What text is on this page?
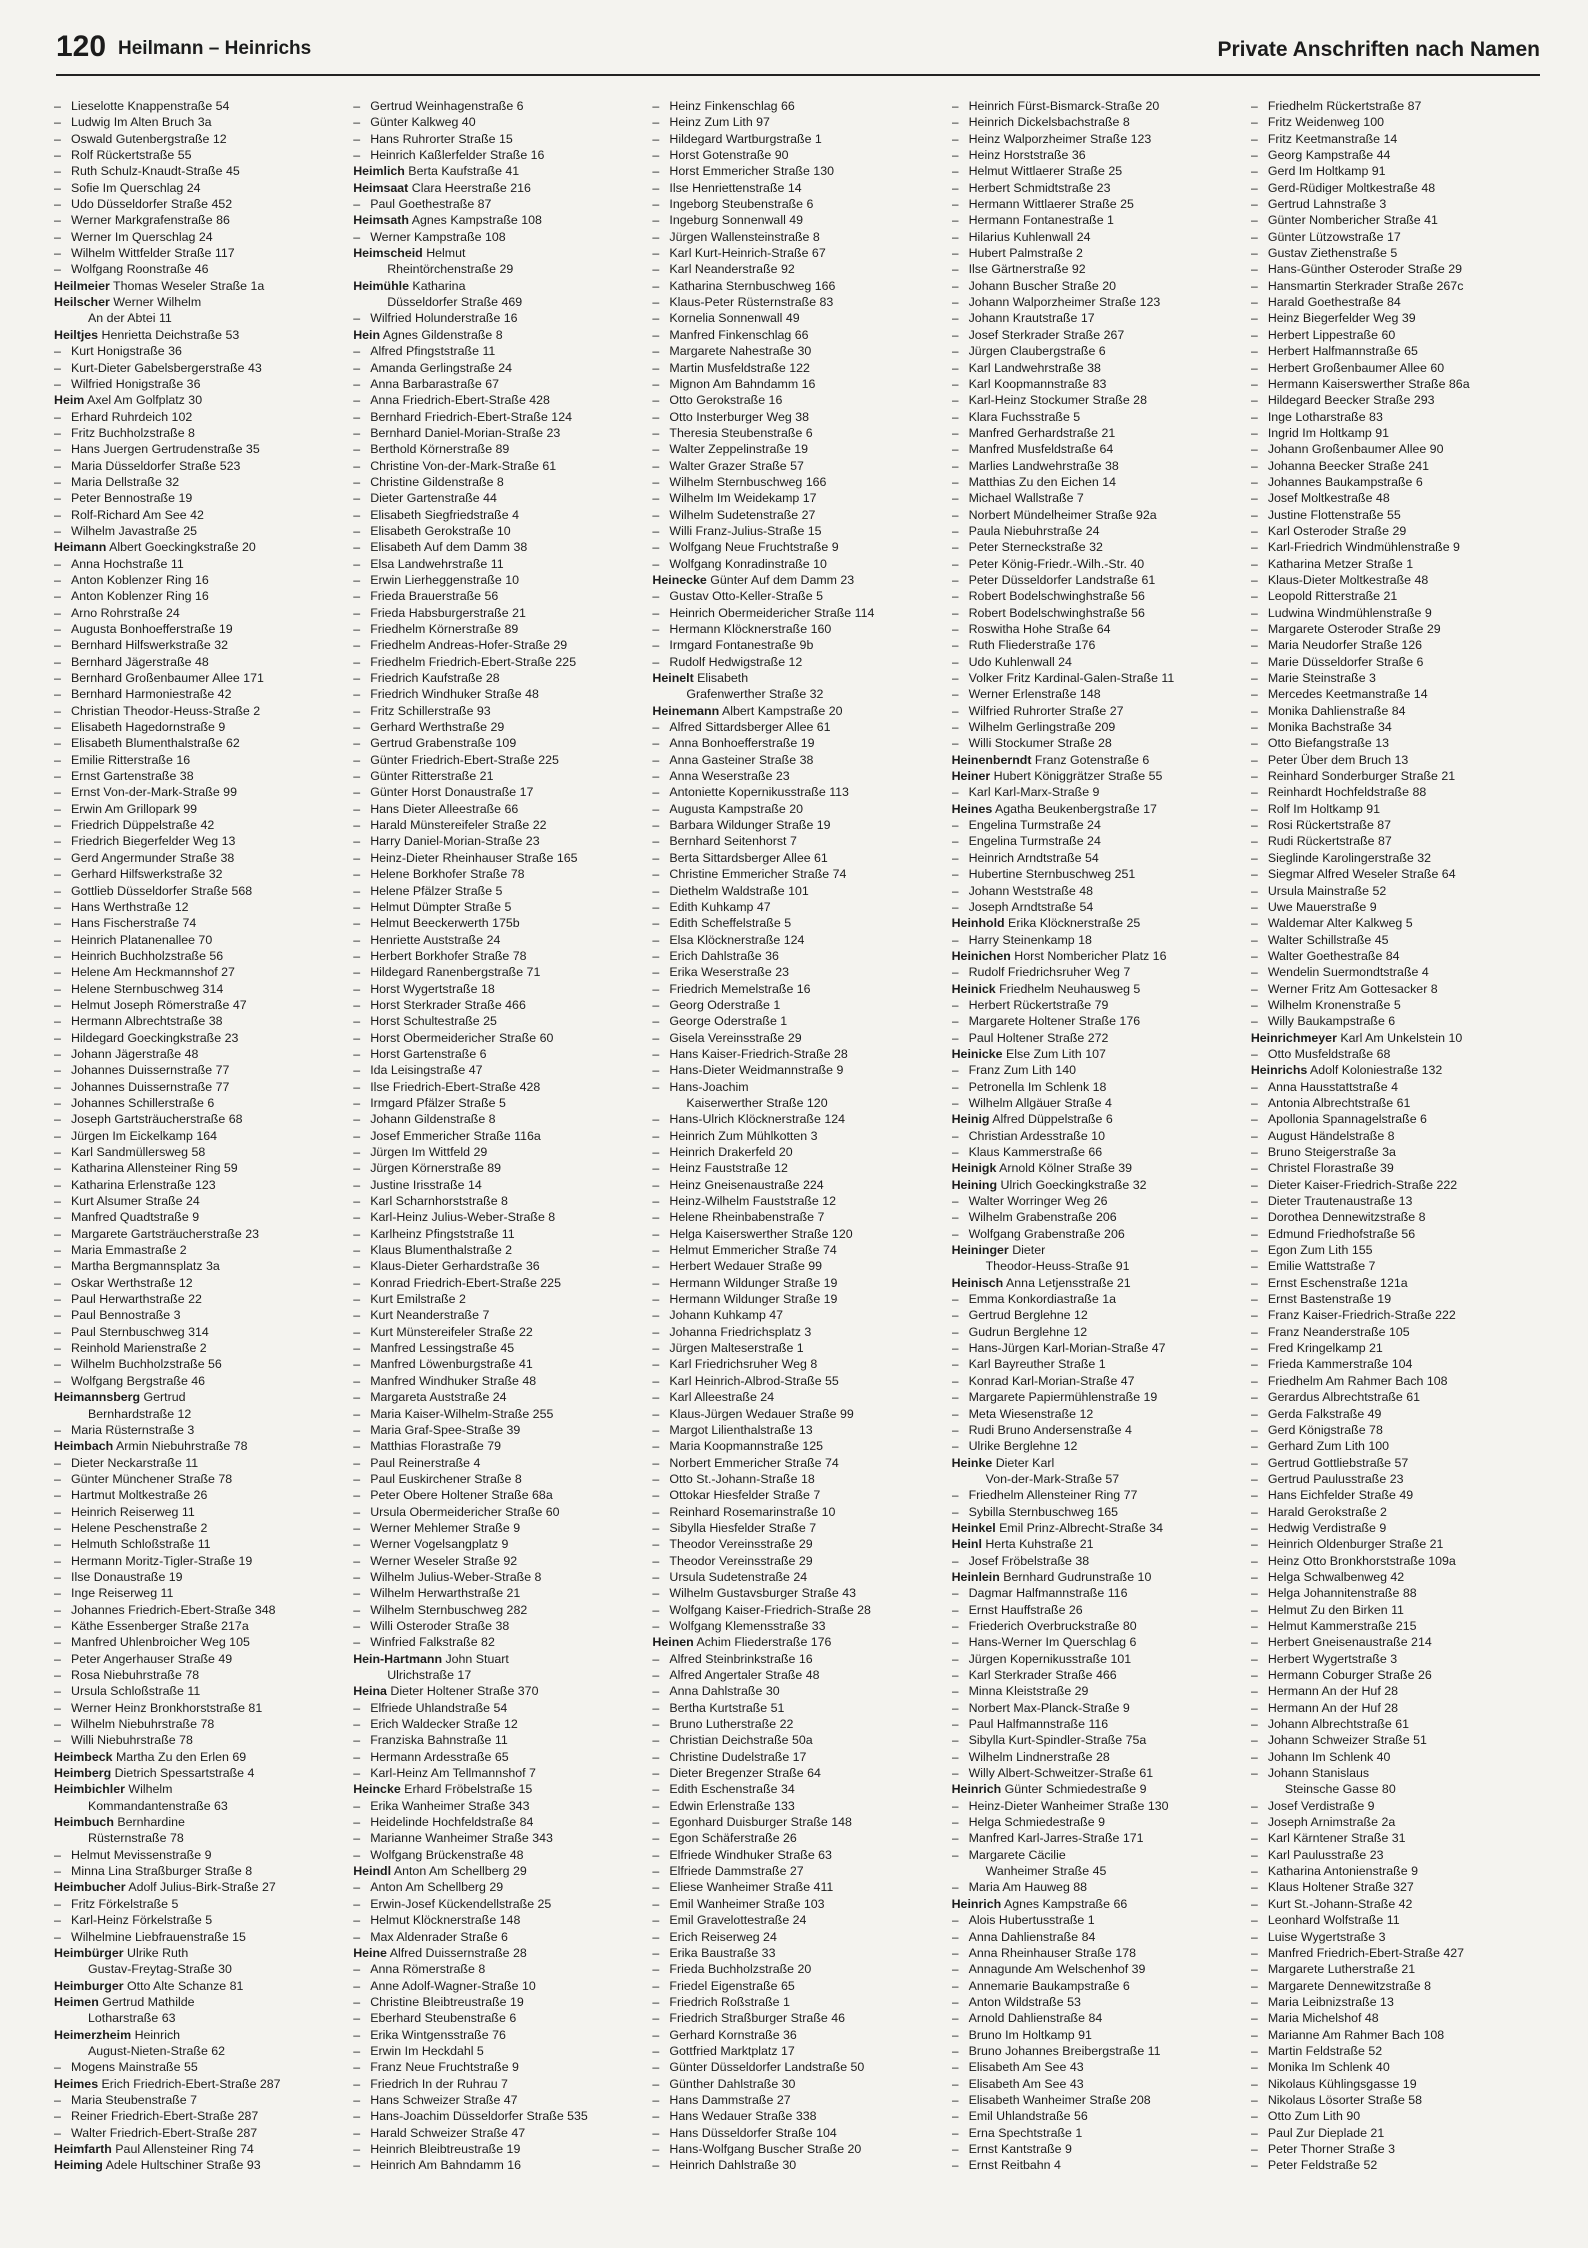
120 Heilmann – Heinrichs	Private Anschriften nach Namen
– Lieselotte Knappenstraße 54
– Ludwig Im Alten Bruch 3a
– Oswald Gutenbergstraße 12
– Rolf Rückertstraße 55
– Ruth Schulz-Knaudt-Straße 45
– Sofie Im Querschlag 24
– Udo Düsseldorfer Straße 452
– Werner Markgrafenstraße 86
– Werner Im Querschlag 24
– Wilhelm Wittfelder Straße 117
– Wolfgang Roonstraße 46
Heilmeier Thomas Weseler Straße 1a
Heilscher Werner Wilhelm
An der Abtei 11
Heiltjes Henrietta Deichstraße 53
– Kurt Honigstraße 36
– Kurt-Dieter Gabelsbergerstraße 43
– Wilfried Honigstraße 36
Heim Axel Am Golfplatz 30
– Erhard Ruhrdeich 102
– Fritz Buchholzstraße 8
– Hans Juergen Gertrudenstraße 35
– Maria Düsseldorfer Straße 523
– Maria Dellstraße 32
– Peter Bennostraße 19
– Rolf-Richard Am See 42
– Wilhelm Javastraße 25
Heimann Albert Goeckingkstraße 20
– Anna Hochstraße 11
– Anton Koblenzer Ring 16
– Anton Koblenzer Ring 16
– Arno Rohrstraße 24
– Augusta Bonhoefferstraße 19
– Bernhard Hilfswerkstraße 32
– Bernhard Jägerstraße 48
– Bernhard Großenbaumer Allee 171
– Bernhard Harmoniestraße 42
– Christian Theodor-Heuss-Straße 2
– Elisabeth Hagedornstraße 9
– Elisabeth Blumenthalstraße 62
– Emilie Ritterstraße 16
– Ernst Gartenstraße 38
– Ernst Von-der-Mark-Straße 99
– Erwin Am Grillopark 99
– Friedrich Düppelstraße 42
– Friedrich Biegerfelder Weg 13
– Gerd Angermunder Straße 38
– Gerhard Hilfswerkstraße 32
– Gottlieb Düsseldorfer Straße 568
– Hans Werthstraße 12
– Hans Fischerstraße 74
– Heinrich Platanenallee 70
– Heinrich Buchholzstraße 56
– Helene Am Heckmannshof 27
– Helene Sternbuschweg 314
– Helmut Joseph Römerstraße 47
– Hermann Albrechtstraße 38
– Hildegard Goeckingkstraße 23
– Johann Jägerstraße 48
– Johannes Duissernstraße 77
– Johannes Duissernstraße 77
– Johannes Schillerstraße 6
– Joseph Gartsträucherstraße 68
– Jürgen Im Eickelkamp 164
– Karl Sandmüllersweg 58
– Katharina Allensteiner Ring 59
– Katharina Erlenstraße 123
– Kurt Alsumer Straße 24
– Manfred Quadtstraße 9
– Margarete Gartsträucherstraße 23
– Maria Emmastraße 2
– Martha Bergmannsplatz 3a
– Oskar Werthstraße 12
– Paul Herwarthstraße 22
– Paul Bennostraße 3
– Paul Sternbuschweg 314
– Reinhold Marienstraße 2
– Wilhelm Buchholzstraße 56
– Wolfgang Bergstraße 46
Heimannsberg Gertrud
Bernhardstraße 12
– Maria Rüsternstraße 3
Heimbach Armin Niebuhrstraße 78
– Dieter Neckarstraße 11
– Günter Münchener Straße 78
– Hartmut Moltkestraße 26
– Heinrich Reiserweg 11
– Helene Peschenstraße 2
– Helmuth Schloßstraße 11
– Hermann Moritz-Tigler-Straße 19
– Ilse Donaustraße 19
– Inge Reiserweg 11
– Johannes Friedrich-Ebert-Straße 348
– Käthe Essenberger Straße 217a
– Manfred Uhlenbroicher Weg 105
– Peter Angerhauser Straße 49
– Rosa Niebuhrstraße 78
– Ursula Schloßstraße 11
– Werner Heinz Bronkhorststraße 81
– Wilhelm Niebuhrstraße 78
– Willi Niebuhrstraße 78
Heimbeck Martha Zu den Erlen 69
Heimberg Dietrich Spessartstraße 4
Heimbichler Wilhelm
Kommandantenstraße 63
Heimbuch Bernhardine
Rüsternstraße 78
– Helmut Mevissenstraße 9
– Minna Lina Straßburger Straße 8
Heimbucher Adolf Julius-Birk-Straße 27
– Fritz Förkelstraße 5
– Karl-Heinz Förkelstraße 5
– Wilhelmine Liebfrauenstraße 15
Heimbürger Ulrike Ruth
Gustav-Freytag-Straße 30
Heimburger Otto Alte Schanze 81
Heimen Gertrud Mathilde
Lotharstraße 63
Heimerzheim Heinrich
August-Nieten-Straße 62
– Mogens Mainstraße 55
Heimes Erich Friedrich-Ebert-Straße 287
– Maria Steubenstraße 7
– Reiner Friedrich-Ebert-Straße 287
– Walter Friedrich-Ebert-Straße 287
Heimfarth Paul Allensteiner Ring 74
Heiming Adele Hultschiner Straße 93
– Gertrud Weinhagenstraße 6
– Günter Kalkweg 40
– Hans Ruhrorter Straße 15
– Heinrich Kaßlerfelder Straße 16
Heimlich Berta Kaufstraße 41
Heimsaat Clara Heerstraße 216
– Paul Goethestraße 87
Heimsath Agnes Kampstraße 108
– Werner Kampstraße 108
Heimscheid Helmut
Rheintörchenstraße 29
Heimühle Katharina
Düsseldorfer Straße 469
– Wilfried Holunderstraße 16
Hein Agnes Gildenstraße 8
– Alfred Pfingststraße 11
– Amanda Gerlingstraße 24
– Anna Barbarastraße 67
– Anna Friedrich-Ebert-Straße 428
– Bernhard Friedrich-Ebert-Straße 124
– Bernhard Daniel-Morian-Straße 23
– Berthold Körnerstraße 89
– Christine Von-der-Mark-Straße 61
– Christine Gildenstraße 8
– Dieter Gartenstraße 44
– Elisabeth Siegfriedstraße 4
– Elisabeth Gerokstraße 10
– Elisabeth Auf dem Damm 38
– Elsa Landwehrstraße 11
– Erwin Lierheggenstraße 10
– Frieda Brauerstraße 56
– Frieda Habsburgerstraße 21
– Friedhelm Körnerstraße 89
– Friedhelm Andreas-Hofer-Straße 29
– Friedhelm Friedrich-Ebert-Straße 225
– Friedrich Kaufstraße 28
– Friedrich Windhuker Straße 48
– Fritz Schillerstraße 93
– Gerhard Werthstraße 29
– Gertrud Grabenstraße 109
– Günter Friedrich-Ebert-Straße 225
– Günter Ritterstraße 21
– Günter Horst Donaustraße 17
– Hans Dieter Alleestraße 66
– Harald Münstereifeler Straße 22
– Harry Daniel-Morian-Straße 23
– Heinz-Dieter Rheinhauser Straße 165
– Helene Borkhofer Straße 78
– Helene Pfälzer Straße 5
– Helmut Dümpter Straße 5
– Helmut Beeckerwerth 175b
– Henriette Auststraße 24
– Herbert Borkhofer Straße 78
– Hildegard Ranenbergstraße 71
– Horst Wygertstraße 18
– Horst Sterkrader Straße 466
– Horst Schultestraße 25
– Horst Obermeidericher Straße 60
– Horst Gartenstraße 6
– Ida Leisingstraße 47
– Ilse Friedrich-Ebert-Straße 428
– Irmgard Pfälzer Straße 5
– Johann Gildenstraße 8
– Josef Emmericher Straße 116a
– Jürgen Im Wittfeld 29
– Jürgen Körnerstraße 89
– Justine Irisstraße 14
– Karl Scharnhorststraße 8
– Karl-Heinz Julius-Weber-Straße 8
– Karlheinz Pfingststraße 11
– Klaus Blumenthalstraße 2
– Klaus-Dieter Gerhardstraße 36
– Konrad Friedrich-Ebert-Straße 225
– Kurt Emilstraße 2
– Kurt Neanderstraße 7
– Kurt Münstereifeler Straße 22
– Manfred Lessingstraße 45
– Manfred Löwenburgstraße 41
– Manfred Windhuker Straße 48
– Margareta Auststraße 24
– Maria Kaiser-Wilhelm-Straße 255
– Maria Graf-Spee-Straße 39
– Matthias Florastraße 79
– Paul Reinerstraße 4
– Paul Euskirchener Straße 8
– Peter Obere Holtener Straße 68a
– Ursula Obermeidericher Straße 60
– Werner Mehlemer Straße 9
– Werner Vogelsangplatz 9
– Werner Weseler Straße 92
– Wilhelm Julius-Weber-Straße 8
– Wilhelm Herwarthstraße 21
– Wilhelm Sternbuschweg 282
– Willi Osteroder Straße 38
– Winfried Falkstraße 82
Hein-Hartmann John Stuart
Ulrichstraße 17
Heina Dieter Holtener Straße 370
– Elfriede Uhlandstraße 54
– Erich Waldecker Straße 12
– Franziska Bahnstraße 11
– Hermann Ardesstraße 65
– Karl-Heinz Am Tellmannshof 7
Heincke Erhard Fröbelstraße 15
– Erika Wanheimer Straße 343
– Heidelinde Hochfeldstraße 84
– Marianne Wanheimer Straße 343
– Wolfgang Brückenstraße 48
Heindl Anton Am Schellberg 29
– Anton Am Schellberg 29
– Erwin-Josef Kückendellstraße 25
– Helmut Klöcknerstraße 148
– Max Aldenrader Straße 6
Heine Alfred Duissernstraße 28
– Anna Römerstraße 8
– Anne Adolf-Wagner-Straße 10
– Christine Bleibtreustraße 19
– Eberhard Steubenstraße 6
– Erika Wintgensstraße 76
– Erwin Im Heckdahl 5
– Franz Neue Fruchtstraße 9
– Friedrich In der Ruhrau 7
– Hans Schweizer Straße 47
– Hans-Joachim Düsseldorfer Straße 535
– Harald Schweizer Straße 47
– Heinrich Bleibtreustraße 19
– Heinrich Am Bahndamm 16
– Heinz Finkenschlag 66
– Heinz Zum Lith 97
– Hildegard Wartburgstraße 1
– Horst Gotenstraße 90
– Horst Emmericher Straße 130
– Ilse Henriettenstraße 14
– Ingeborg Steubenstraße 6
– Ingeburg Sonnenwall 49
– Jürgen Wallensteinstraße 8
– Karl Kurt-Heinrich-Straße 67
– Karl Neanderstraße 92
– Katharina Sternbuschweg 166
– Klaus-Peter Rüsternstraße 83
– Kornelia Sonnenwall 49
– Manfred Finkenschlag 66
– Margarete Nahestraße 30
– Martin Musfeldstraße 122
– Mignon Am Bahndamm 16
– Otto Gerokstraße 16
– Otto Insterburger Weg 38
– Theresia Steubenstraße 6
– Walter Zeppelinstraße 19
– Walter Grazer Straße 57
– Wilhelm Sternbuschweg 166
– Wilhelm Im Weidekamp 17
– Wilhelm Sudetenstraße 27
– Willi Franz-Julius-Straße 15
– Wolfgang Neue Fruchtstraße 9
– Wolfgang Konradinstraße 10
Heinecke Günter Auf dem Damm 23
– Gustav Otto-Keller-Straße 5
– Heinrich Obermeidericher Straße 114
– Hermann Klöcknerstraße 160
– Irmgard Fontanestraße 9b
– Rudolf Hedwigstraße 12
Heinelt Elisabeth
Grafenwerther Straße 32
Heinemann Albert Kampstraße 20
– Alfred Sittardsberger Allee 61
– Anna Bonhoefferstraße 19
– Anna Gasteiner Straße 38
– Anna Weserstraße 23
– Antoniette Kopernikusstraße 113
– Augusta Kampstraße 20
– Barbara Wildunger Straße 19
– Bernhard Seitenhorst 7
– Berta Sittardsberger Allee 61
– Christine Emmericher Straße 74
– Diethelm Waldstraße 101
– Edith Kuhkamp 47
– Edith Scheffelstraße 5
– Elsa Klöcknerstraße 124
– Erich Dahlstraße 36
– Erika Weserstraße 23
– Friedrich Memelstraße 16
– Georg Oderstraße 1
– George Oderstraße 1
– Gisela Vereinsstraße 29
– Hans Kaiser-Friedrich-Straße 28
– Hans-Dieter Weidmannstraße 9
– Hans-Joachim
Kaiserwerther Straße 120
– Hans-Ulrich Klöcknerstraße 124
– Heinrich Zum Mühlkotten 3
– Heinrich Drakerfeld 20
– Heinz Fauststraße 12
– Heinz Gneisenaustraße 224
– Heinz-Wilhelm Fauststraße 12
– Helene Rheinbabenstraße 7
– Helga Kaiserswerther Straße 120
– Helmut Emmericher Straße 74
– Herbert Wedauer Straße 99
– Hermann Wildunger Straße 19
– Hermann Wildunger Straße 19
– Johann Kuhkamp 47
– Johanna Friedrichsplatz 3
– Jürgen Malteserstraße 1
– Karl Friedrichsruher Weg 8
– Karl Heinrich-Albrod-Straße 55
– Karl Alleestraße 24
– Klaus-Jürgen Wedauer Straße 99
– Margot Lilienthalstraße 13
– Maria Koopmannstraße 125
– Norbert Emmericher Straße 74
– Otto St.-Johann-Straße 18
– Ottokar Hiesfelder Straße 7
– Reinhard Rosemarinstraße 10
– Sibylla Hiesfelder Straße 7
– Theodor Vereinsstraße 29
– Theodor Vereinsstraße 29
– Ursula Sudetenstraße 24
– Wilhelm Gustavsburger Straße 43
– Wolfgang Kaiser-Friedrich-Straße 28
– Wolfgang Klemensstraße 33
Heinen Achim Fliederstraße 176
– Alfred Steinbrinkstraße 16
– Alfred Angertaler Straße 48
– Anna Dahlstraße 30
– Bertha Kurtstraße 51
– Bruno Lutherstraße 22
– Christian Deichstraße 50a
– Christine Dudelstraße 17
– Dieter Bregenzer Straße 64
– Edith Eschenstraße 34
– Edwin Erlenstraße 133
– Egonhard Duisburger Straße 148
– Egon Schäferstraße 26
– Elfriede Windhuker Straße 63
– Elfriede Dammstraße 27
– Eliese Wanheimer Straße 411
– Emil Wanheimer Straße 103
– Emil Gravelottestraße 24
– Erich Reiserweg 24
– Erika Baustraße 33
– Frieda Buchholzstraße 20
– Friedel Eigenstraße 65
– Friedrich Roßstraße 1
– Friedrich Straßburger Straße 46
– Gerhard Kornstraße 36
– Gottfried Marktplatz 17
– Günter Düsseldorfer Landstraße 50
– Günther Dahlstraße 30
– Hans Dammstraße 27
– Hans Wedauer Straße 338
– Hans Düsseldorfer Straße 104
– Hans-Wolfgang Buscher Straße 20
– Heinrich Dahlstraße 30
– Heinrich Fürst-Bismarck-Straße 20
– Heinrich Dickelsbachstraße 8
– Heinz Walporzheimer Straße 123
– Heinz Horststraße 36
– Helmut Wittlaerer Straße 25
– Herbert Schmidtstraße 23
– Hermann Wittlaerer Straße 25
– Hermann Fontanestraße 1
– Hilarius Kuhlenwall 24
– Hubert Palmstraße 2
– Ilse Gärtnerstraße 92
– Johann Buscher Straße 20
– Johann Walporzheimer Straße 123
– Johann Krautstraße 17
– Josef Sterkrader Straße 267
– Jürgen Claubergstraße 6
– Karl Landwehrstraße 38
– Karl Koopmannstraße 83
– Karl-Heinz Stockumer Straße 28
– Klara Fuchsstraße 5
– Manfred Gerhardstraße 21
– Manfred Musfeldstraße 64
– Marlies Landwehrstraße 38
– Matthias Zu den Eichen 14
– Michael Wallstraße 7
– Norbert Mündelheimer Straße 92a
– Paula Niebuhrstraße 24
– Peter Sterneckstraße 32
– Peter König-Friedr.-Wilh.-Str. 40
– Peter Düsseldorfer Landstraße 61
– Robert Bodelschwinghstraße 56
– Robert Bodelschwinghstraße 56
– Roswitha Hohe Straße 64
– Ruth Fliederstraße 176
– Udo Kuhlenwall 24
– Volker Fritz Kardinal-Galen-Straße 11
– Werner Erlenstraße 148
– Wilfried Ruhrorter Straße 27
– Wilhelm Gerlingstraße 209
– Willi Stockumer Straße 28
Heinenberndt Franz Gotenstraße 6
Heiner Hubert Königgrätzer Straße 55
– Karl Karl-Marx-Straße 9
Heines Agatha Beukenbergstraße 17
– Engelina Turmstraße 24
– Engelina Turmstraße 24
– Heinrich Arndtstraße 54
– Hubertine Sternbuschweg 251
– Johann Weststraße 48
– Joseph Arndtstraße 54
Heinhold Erika Klöcknerstraße 25
– Harry Steinenkamp 18
Heinichen Horst Nombericher Platz 16
– Rudolf Friedrichsruher Weg 7
Heinick Friedhelm Neuhausweg 5
– Herbert Rückertstraße 79
– Margarete Holtener Straße 176
– Paul Holtener Straße 272
Heinicke Else Zum Lith 107
– Franz Zum Lith 140
– Petronella Im Schlenk 18
– Wilhelm Allgäuer Straße 4
Heinig Alfred Düppelstraße 6
– Christian Ardesstraße 10
– Klaus Kammerstraße 66
Heinigk Arnold Kölner Straße 39
Heining Ulrich Goeckingkstraße 32
– Walter Worringer Weg 26
– Wilhelm Grabenstraße 206
– Wolfgang Grabenstraße 206
Heininger Dieter
Theodor-Heuss-Straße 91
Heinisch Anna Letjensstraße 21
– Emma Konkordiastraße 1a
– Gertrud Berglehne 12
– Gudrun Berglehne 12
– Hans-Jürgen Karl-Morian-Straße 47
– Karl Bayreuther Straße 1
– Konrad Karl-Morian-Straße 47
– Margarete Papiermühlenstraße 19
– Meta Wiesenstraße 12
– Rudi Bruno Andersenstraße 4
– Ulrike Berglehne 12
Heinke Dieter Karl
Von-der-Mark-Straße 57
– Friedhelm Allensteiner Ring 77
– Sybilla Sternbuschweg 165
Heinkel Emil Prinz-Albrecht-Straße 34
Heinl Herta Kuhstraße 21
– Josef Fröbelstraße 38
Heinlein Bernhard Gudrunstraße 10
– Dagmar Halfmannstraße 116
– Ernst Hauffstraße 26
– Friederich Overbruckstraße 80
– Hans-Werner Im Querschlag 6
– Jürgen Kopernikusstraße 101
– Karl Sterkrader Straße 466
– Minna Kleiststraße 29
– Norbert Max-Planck-Straße 9
– Paul Halfmannstraße 116
– Sibylla Kurt-Spindler-Straße 75a
– Wilhelm Lindnerstraße 28
– Willy Albert-Schweitzer-Straße 61
Heinrich Günter Schmiedestraße 9
– Heinz-Dieter Wanheimer Straße 130
– Helga Schmiedestraße 9
– Manfred Karl-Jarres-Straße 171
– Margarete Cäcilie
Wanheimer Straße 45
– Maria Am Hauweg 88
Heinrich Agnes Kampstraße 66
– Alois Hubertusstraße 1
– Anna Dahlienstraße 84
– Anna Rheinhauser Straße 178
– Annagunde Am Welschenhof 39
– Annemarie Baukampstraße 6
– Anton Wildstraße 53
– Arnold Dahlienstraße 84
– Bruno Im Holtkamp 91
– Bruno Johannes Breibergstraße 11
– Elisabeth Am See 43
– Elisabeth Am See 43
– Elisabeth Wanheimer Straße 208
– Emil Uhlandstraße 56
– Erna Spechtstraße 1
– Ernst Kantstraße 9
– Ernst Reitbahn 4
– Friedhelm Rückertstraße 87
– Fritz Weidenweg 100
– Fritz Keetmanstraße 14
– Georg Kampstraße 44
– Gerd Im Holtkamp 91
– Gerd-Rüdiger Moltkestraße 48
– Gertrud Lahnstraße 3
– Günter Nombericher Straße 41
– Günter Lützowstraße 17
– Gustav Ziethenstraße 5
– Hans-Günther Osteroder Straße 29
– Hansmartin Sterkrader Straße 267c
– Harald Goethestraße 84
– Heinz Biegerfelder Weg 39
– Herbert Lippestraße 60
– Herbert Halfmannstraße 65
– Herbert Großenbaumer Allee 60
– Hermann Kaiserswerther Straße 86a
– Hildegard Beecker Straße 293
– Inge Lotharstraße 83
– Ingrid Im Holtkamp 91
– Johann Großenbaumer Allee 90
– Johanna Beecker Straße 241
– Johannes Baukampstraße 6
– Josef Moltkestraße 48
– Justine Flottenstraße 55
– Karl Osteroder Straße 29
– Karl-Friedrich Windmühlenstraße 9
– Katharina Metzer Straße 1
– Klaus-Dieter Moltkestraße 48
– Leopold Ritterstraße 21
– Ludwina Windmühlenstraße 9
– Margarete Osteroder Straße 29
– Maria Neudorfer Straße 126
– Marie Düsseldorfer Straße 6
– Marie Steinstraße 3
– Mercedes Keetmanstraße 14
– Monika Dahlienstraße 84
– Monika Bachstraße 34
– Otto Biefangstraße 13
– Peter Über dem Bruch 13
– Reinhard Sonderburger Straße 21
– Reinhardt Hochfeldstraße 88
– Rolf Im Holtkamp 91
– Rosi Rückertstraße 87
– Rudi Rückertstraße 87
– Sieglinde Karolingerstraße 32
– Siegmar Alfred Weseler Straße 64
– Ursula Mainstraße 52
– Uwe Mauerstraße 9
– Waldemar Alter Kalkweg 5
– Walter Schillstraße 45
– Walter Goethestraße 84
– Wendelin Suermondtstraße 4
– Werner Fritz Am Gottesacker 8
– Wilhelm Kronenstraße 5
– Willy Baukampstraße 6
Heinrichmeyer Karl Am Unkelstein 10
– Otto Musfeldstraße 68
Heinrichs Adolf Koloniestraße 132
– Anna Hausstattstraße 4
– Antonia Albrechtstraße 61
– Apollonia Spannagelstraße 6
– August Händelstraße 8
– Bruno Steigerstraße 3a
– Christel Florastraße 39
– Dieter Kaiser-Friedrich-Straße 222
– Dieter Trautenaustraße 13
– Dorothea Dennewitzstraße 8
– Edmund Friedhofstraße 56
– Egon Zum Lith 155
– Emilie Wattstraße 7
– Ernst Eschenstraße 121a
– Ernst Bastenstraße 19
– Franz Kaiser-Friedrich-Straße 222
– Franz Neanderstraße 105
– Fred Kringelkamp 21
– Frieda Kammerstraße 104
– Friedhelm Am Rahmer Bach 108
– Gerardus Albrechtstraße 61
– Gerda Falkstraße 49
– Gerd Königstraße 78
– Gerhard Zum Lith 100
– Gertrud Gottliebstraße 57
– Gertrud Paulusstraße 23
– Hans Eichfelder Straße 49
– Harald Gerokstraße 2
– Hedwig Verdistraße 9
– Heinrich Oldenburger Straße 21
– Heinz Otto Bronkhorststraße 109a
– Helga Schwalbenweg 42
– Helga Johannitenstraße 88
– Helmut Zu den Birken 11
– Helmut Kammerstraße 215
– Herbert Gneisenaustraße 214
– Herbert Wygertstraße 3
– Hermann Coburger Straße 26
– Hermann An der Huf 28
– Hermann An der Huf 28
– Johann Albrechtstraße 61
– Johann Schweizer Straße 51
– Johann Im Schlenk 40
– Johann Stanislaus
Steinsche Gasse 80
– Josef Verdistraße 9
– Joseph Arnimstraße 2a
– Karl Kärntener Straße 31
– Karl Paulusstraße 23
– Katharina Antonienstraße 9
– Klaus Holtener Straße 327
– Kurt St.-Johann-Straße 42
– Leonhard Wolfstraße 11
– Luise Wygertstraße 3
– Manfred Friedrich-Ebert-Straße 427
– Margarete Lutherstraße 21
– Margarete Dennewitzstraße 8
– Maria Leibnizstraße 13
– Maria Michelshof 48
– Marianne Am Rahmer Bach 108
– Martin Feldstraße 52
– Monika Im Schlenk 40
– Nikolaus Kühlingsgasse 19
– Nikolaus Lösorter Straße 58
– Otto Zum Lith 90
– Paul Zur Dieplade 21
– Peter Thorner Straße 3
– Peter Feldstraße 52
